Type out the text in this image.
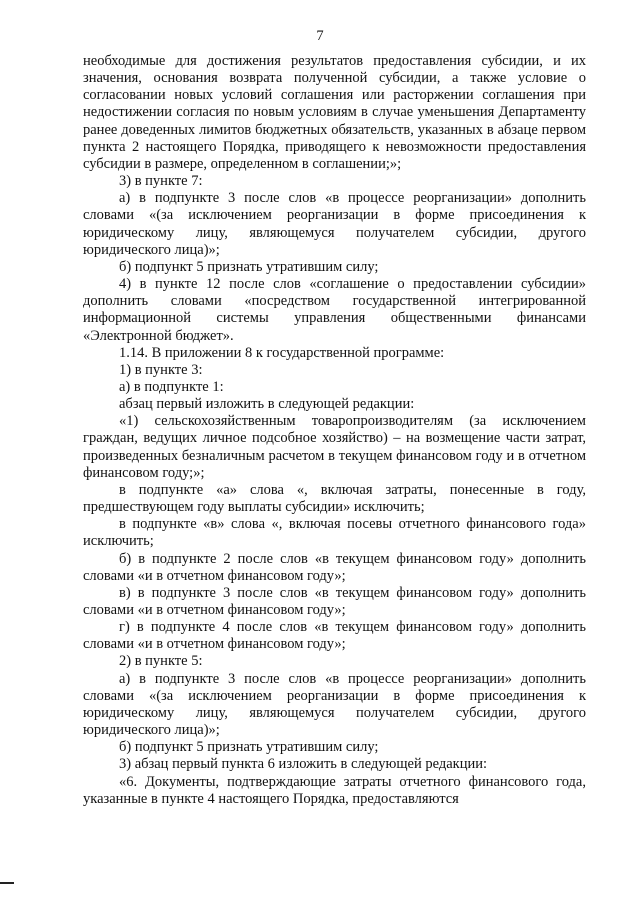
7

необходимые для достижения результатов предоставления субсидии, и их значения, основания возврата полученной субсидии, а также условие о согласовании новых условий соглашения или расторжении соглашения при недостижении согласия по новым условиям в случае уменьшения Департаменту ранее доведенных лимитов бюджетных обязательств, указанных в абзаце первом пункта 2 настоящего Порядка, приводящего к невозможности предоставления субсидии в размере, определенном в соглашении;»;

3) в пункте 7:

а) в подпункте 3 после слов «в процессе реорганизации» дополнить словами «(за исключением реорганизации в форме присоединения к юридическому лицу, являющемуся получателем субсидии, другого юридического лица)»;

б) подпункт 5 признать утратившим силу;

4) в пункте 12 после слов «соглашение о предоставлении субсидии» дополнить словами «посредством государственной интегрированной информационной системы управления общественными финансами «Электронной бюджет».

1.14. В приложении 8 к государственной программе:

1) в пункте 3:

а) в подпункте 1:

абзац первый изложить в следующей редакции:

«1) сельскохозяйственным товаропроизводителям (за исключением граждан, ведущих личное подсобное хозяйство) – на возмещение части затрат, произведенных безналичным расчетом в текущем финансовом году и в отчетном финансовом году;»;

в подпункте «а» слова «, включая затраты, понесенные в году, предшествующем году выплаты субсидии» исключить;

в подпункте «в» слова «, включая посевы отчетного финансового года» исключить;

б) в подпункте 2 после слов «в текущем финансовом году» дополнить словами «и в отчетном финансовом году»;

в) в подпункте 3 после слов «в текущем финансовом году» дополнить словами «и в отчетном финансовом году»;

г) в подпункте 4 после слов «в текущем финансовом году» дополнить словами «и в отчетном финансовом году»;

2) в пункте 5:

а) в подпункте 3 после слов «в процессе реорганизации» дополнить словами «(за исключением реорганизации в форме присоединения к юридическому лицу, являющемуся получателем субсидии, другого юридического лица)»;

б) подпункт 5 признать утратившим силу;

3) абзац первый пункта 6 изложить в следующей редакции:

«6. Документы, подтверждающие затраты отчетного финансового года, указанные в пункте 4 настоящего Порядка, предоставляются
